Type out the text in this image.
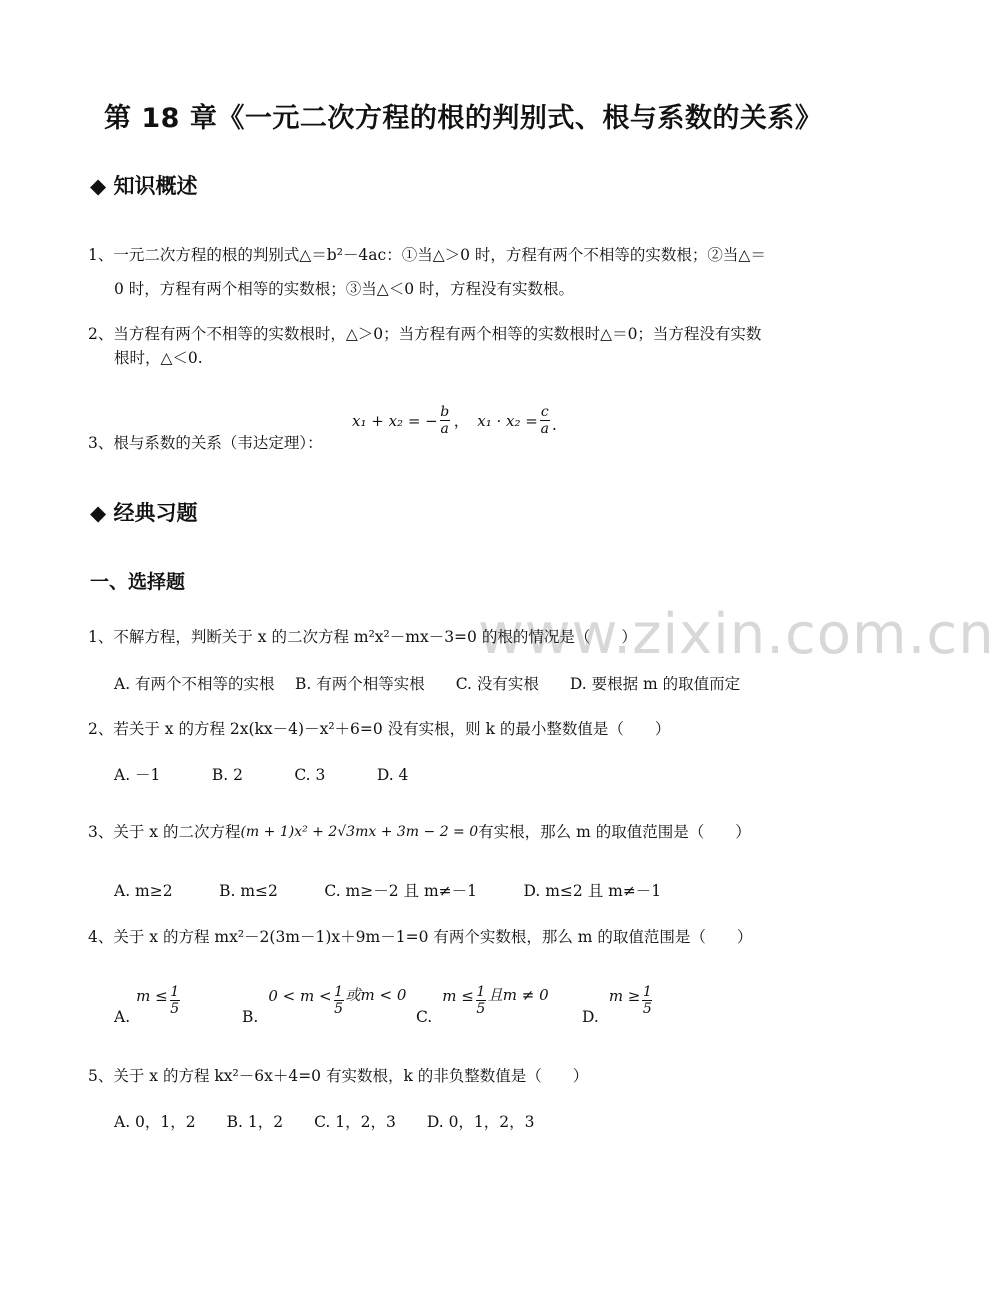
www.zixin.com.cn
第 18 章《一元二次方程的根的判别式、根与系数的关系》
◆ 知识概述
1、一元二次方程的根的判别式△＝b²－4ac：①当△＞0 时，方程有两个不相等的实数根；②当△＝
0 时，方程有两个相等的实数根；③当△＜0 时，方程没有实数根。
2、当方程有两个不相等的实数根时，△＞0；当方程有两个相等的实数根时△＝0；当方程没有实数
根时，△＜0.
3、根与系数的关系（韦达定理）：
x₁ + x₂ = − $\frac{b}{a}$ ， $x_1 \cdot x_2 = \frac{c}{a}$ .
◆ 经典习题
一、选择题
1、不解方程，判断关于 x 的二次方程 m²x²－mx－3=0 的根的情况是（　　）
A. 有两个不相等的实根　 B. 有两个相等实根　　C. 没有实根　　D. 要根据 m 的取值而定
2、若关于 x 的方程 2x(kx－4)－x²＋6=0 没有实根，则 k 的最小整数值是（　　）
A. －1　　　 B. 2　　　 C. 3　　　 D. 4
3、关于 x 的二次方程 (m + 1)x² + 2√3mx + 3m − 2 = 0 有实根，那么 m 的取值范围是（　　）
A. m≥2　　　B. m≤2　　　C. m≥－2 且 m≠－1　　　D. m≤2 且 m≠－1
4、关于 x 的方程 mx²－2(3m－1)x＋9m－1=0 有两个实数根，那么 m 的取值范围是（　　）
A.
$m \le \frac{1}{5}$	B.
$0 < m < \frac{1}{5}$ 或m < 0
C.
$m \le \frac{1}{5}$ 且m ≠ 0
D.
$m \ge \frac{1}{5}$
5、关于 x 的方程 kx²－6x＋4=0 有实数根，k 的非负整数值是（　　）
A. 0，1，2　　B. 1，2　　C. 1，2，3　　D. 0，1，2，3
